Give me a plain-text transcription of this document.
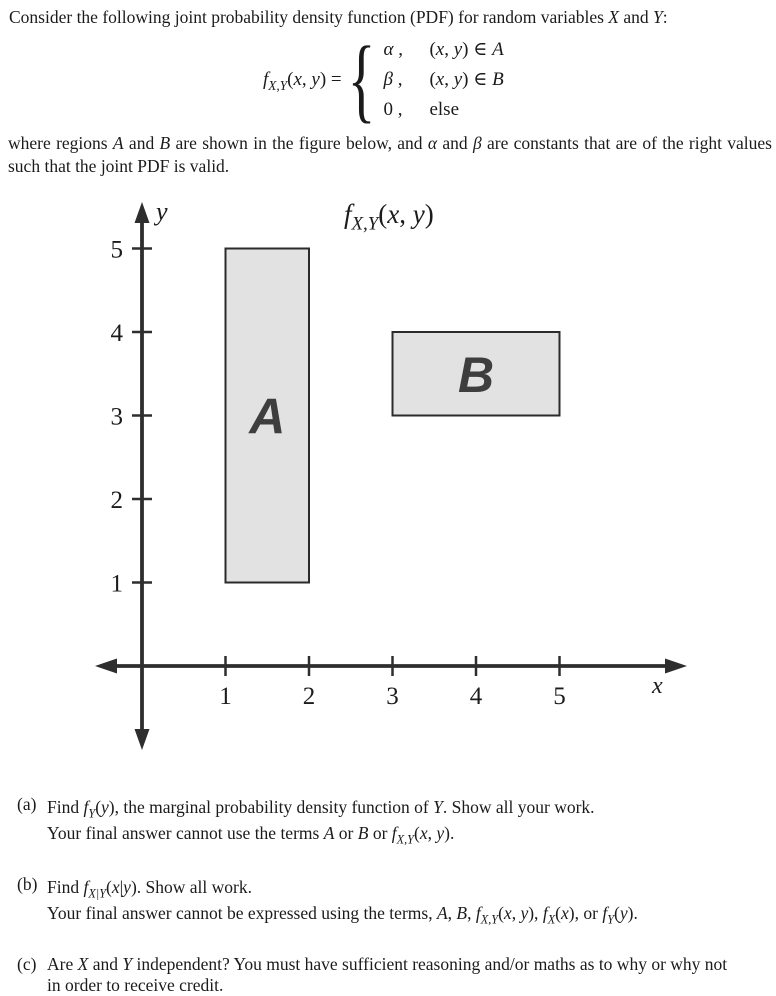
Consider the following joint probability density function (PDF) for random variables X and Y:
$f_{X,Y}(x$, y) = { α ,	(x, y) ∈ A
β ,	(x, y) ∈ B
0 ,	else
where regions A and B are shown in the figure below, and α and β are constants that are of the right values such that the joint PDF is valid.
A
B
1	2	3	4	5
1
2
3
4
5
$f_{X,Y}(x$, y)
y
x
(a) Find $f_Y(y)$, the marginal probability density function of Y. Show all your work.
Your final answer cannot use the terms A or B or $f_{X,Y}(x$, y).
(b) Find $f_{X|Y}(x|y)$. Show all work.
Your final answer cannot be expressed using the terms, A, B, $f_{X,Y}(x$, y), $f_X(x)$, or $f_Y(y)$.
(c) Are X and Y independent? You must have sufficient reasoning and/or maths as to why or why not
in order to receive credit.
